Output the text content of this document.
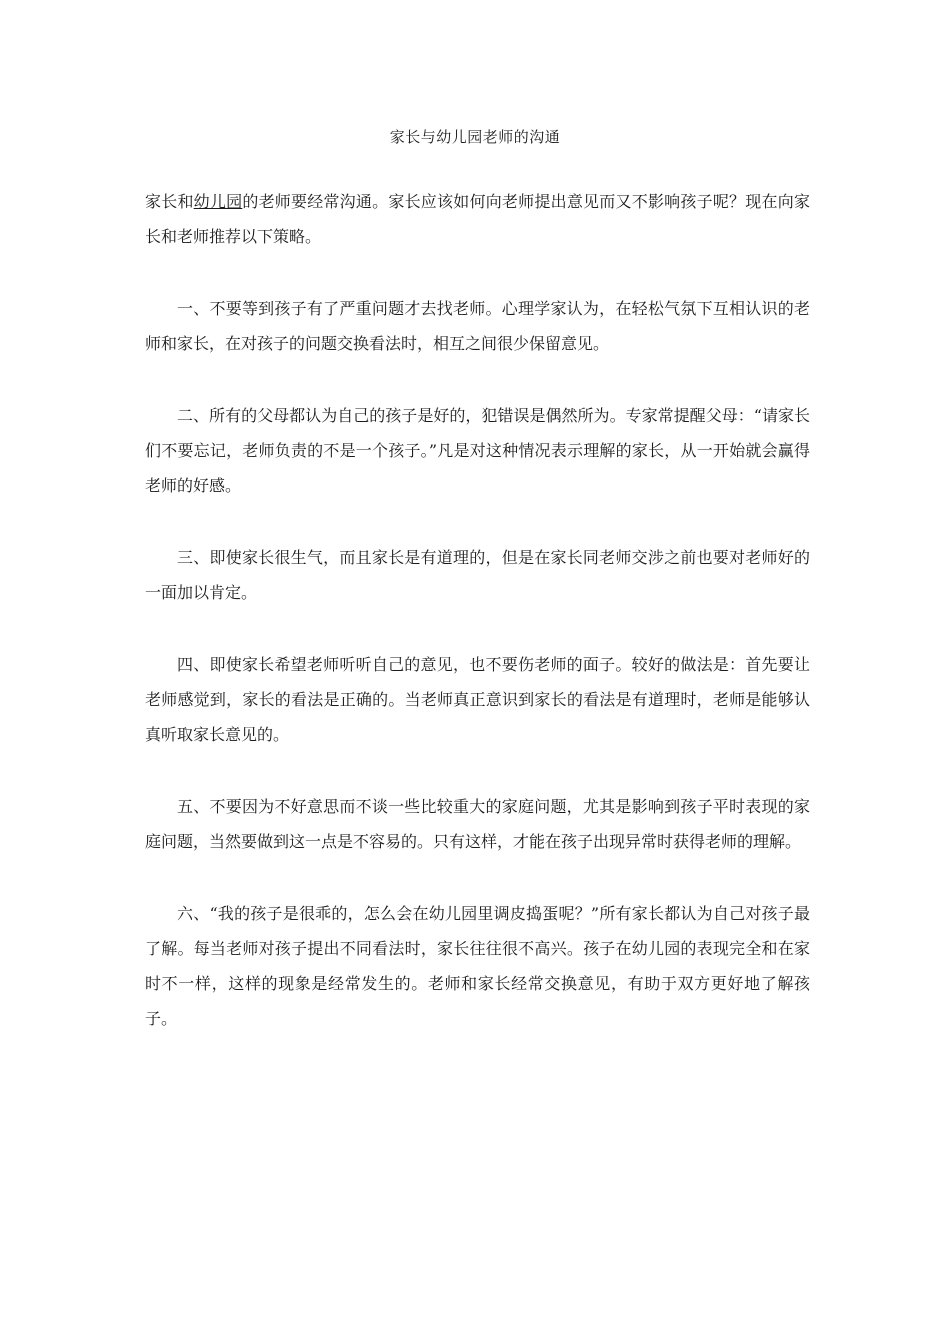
家长与幼儿园老师的沟通

家长和幼儿园的老师要经常沟通。家长应该如何向老师提出意见而又不影响孩子呢？现在向家长和老师推荐以下策略。

一、不要等到孩子有了严重问题才去找老师。心理学家认为，在轻松气氛下互相认识的老师和家长，在对孩子的问题交换看法时，相互之间很少保留意见。

二、所有的父母都认为自己的孩子是好的，犯错误是偶然所为。专家常提醒父母：“请家长们不要忘记，老师负责的不是一个孩子。”凡是对这种情况表示理解的家长，从一开始就会赢得老师的好感。

三、即使家长很生气，而且家长是有道理的，但是在家长同老师交涉之前也要对老师好的一面加以肯定。

四、即使家长希望老师听听自己的意见，也不要伤老师的面子。较好的做法是：首先要让老师感觉到，家长的看法是正确的。当老师真正意识到家长的看法是有道理时，老师是能够认真听取家长意见的。

五、不要因为不好意思而不谈一些比较重大的家庭问题，尤其是影响到孩子平时表现的家庭问题，当然要做到这一点是不容易的。只有这样，才能在孩子出现异常时获得老师的理解。

六、“我的孩子是很乖的，怎么会在幼儿园里调皮捣蛋呢？”所有家长都认为自己对孩子最了解。每当老师对孩子提出不同看法时，家长往往很不高兴。孩子在幼儿园的表现完全和在家时不一样，这样的现象是经常发生的。老师和家长经常交换意见，有助于双方更好地了解孩子。
